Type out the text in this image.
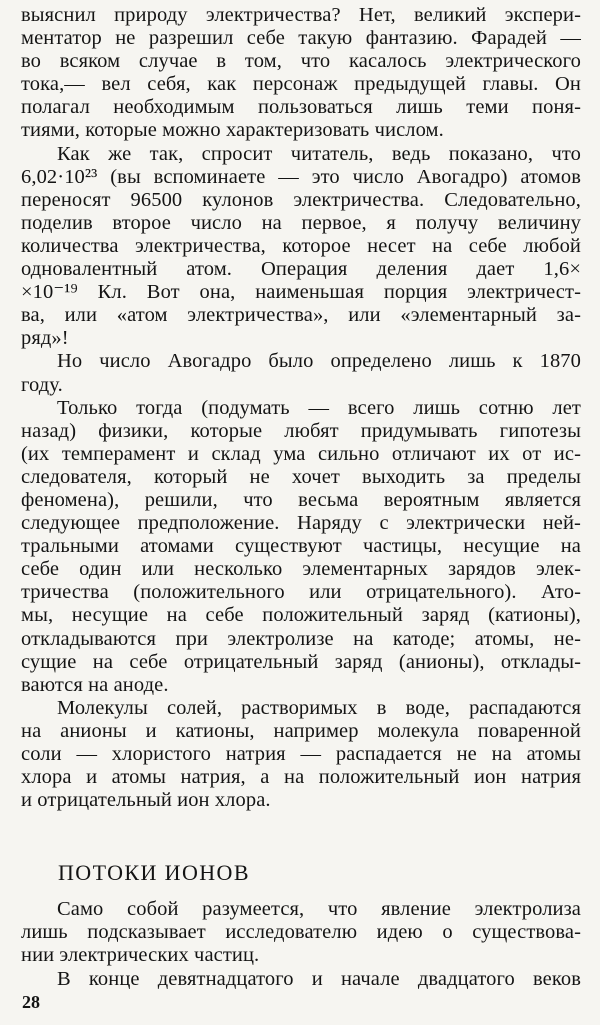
выяснил природу электричества? Нет, великий экспери-
ментатор не разрешил себе такую фантазию. Фарадей —
во всяком случае в том, что касалось электрического
тока,— вел себя, как персонаж предыдущей главы. Он
полагал необходимым пользоваться лишь теми поня-
тиями, которые можно характеризовать числом.
Как же так, спросит читатель, ведь показано, что
6,02·10²³ (вы вспоминаете — это число Авогадро) атомов
переносят 96500 кулонов электричества. Следовательно,
поделив второе число на первое, я получу величину
количества электричества, которое несет на себе любой
одновалентный атом. Операция деления дает 1,6×
×10⁻¹⁹ Кл. Вот она, наименьшая порция электричест-
ва, или «атом электричества», или «элементарный за-
ряд»!
Но число Авогадро было определено лишь к 1870
году.
Только тогда (подумать — всего лишь сотню лет
назад) физики, которые любят придумывать гипотезы
(их темперамент и склад ума сильно отличают их от ис-
следователя, который не хочет выходить за пределы
феномена), решили, что весьма вероятным является
следующее предположение. Наряду с электрически ней-
тральными атомами существуют частицы, несущие на
себе один или несколько элементарных зарядов элек-
тричества (положительного или отрицательного). Ато-
мы, несущие на себе положительный заряд (катионы),
откладываются при электролизе на катоде; атомы, не-
сущие на себе отрицательный заряд (анионы), отклады-
ваются на аноде.
Молекулы солей, растворимых в воде, распадаются
на анионы и катионы, например молекула поваренной
соли — хлористого натрия — распадается не на атомы
хлора и атомы натрия, а на положительный ион натрия
и отрицательный ион хлора.
ПОТОКИ ИОНОВ
Само собой разумеется, что явление электролиза
лишь подсказывает исследователю идею о существова-
нии электрических частиц.
В конце девятнадцатого и начале двадцатого веков
28
